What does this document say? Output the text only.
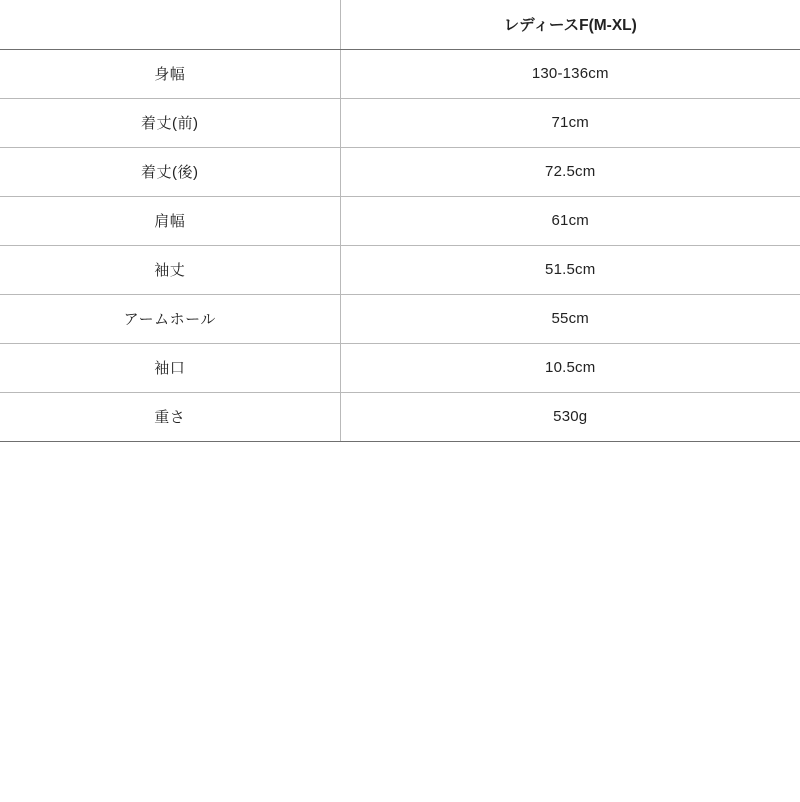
	レディースF(M-XL)
身幅	130-136cm
着丈(前)	71cm
着丈(後)	72.5cm
肩幅	61cm
袖丈	51.5cm
アームホール	55cm
袖口	10.5cm
重さ	530g
